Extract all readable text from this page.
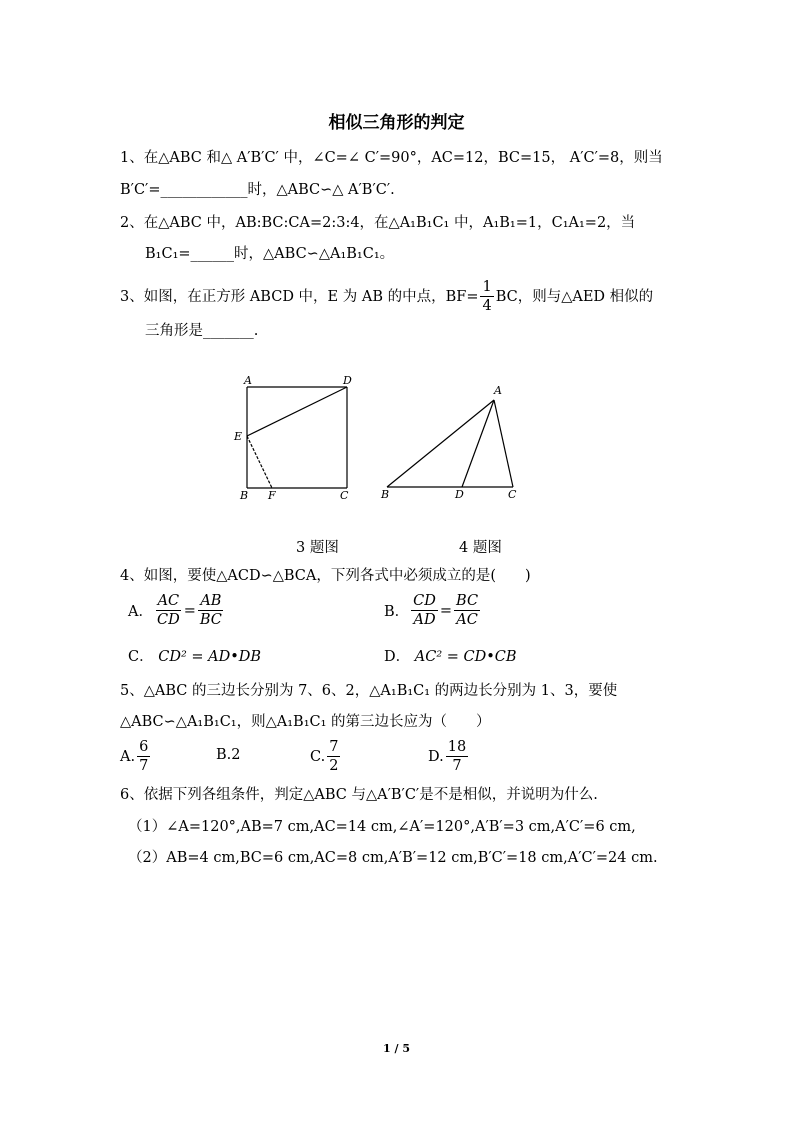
相似三角形的判定
1、在△ABC 和△ A′B′C′ 中，∠C=∠ C′=90°，AC=12，BC=15， A′C′=8，则当
B′C′=____________时，△ABC∽△ A′B′C′.
2、在△ABC 中，AB:BC:CA=2:3:4，在△A₁B₁C₁ 中，A₁B₁=1，C₁A₁=2，当
B₁C₁=______时，△ABC∽△A₁B₁C₁。
3、如图，在正方形 ABCD 中，E 为 AB 的中点，$BF= \frac{1}{4}$ BC，则与△AED 相似的
三角形是_______.
A	D
E
B F	C
A
B	D	C
3 题图	4 题图
4、如图，要使△ACD∽△BCA，下列各式中必须成立的是(　　)
A． $\frac{AC}{CD} = \frac{AB}{BC}$	B． $\frac{CD}{AD} = \frac{BC}{AC}$
C． CD² = AD•DB	D． AC² = CD•CB
5、△ABC 的三边长分别为 7、6、2，△A₁B₁C₁ 的两边长分别为 1、3，要使
△ABC∽△A₁B₁C₁，则△A₁B₁C₁ 的第三边长应为（　　）
A. $\frac{6}{7}$	B.2	C. $\frac{7}{2}$	D. $\frac{18}{7}$
6、依据下列各组条件，判定△ABC 与△A′B′C′是不是相似，并说明为什么.
（1）∠A=120°,AB=7 cm,AC=14 cm,∠A′=120°,A′B′=3 cm,A′C′=6 cm,
（2）AB=4 cm,BC=6 cm,AC=8 cm,A′B′=12 cm,B′C′=18 cm,A′C′=24 cm.
1 / 5
